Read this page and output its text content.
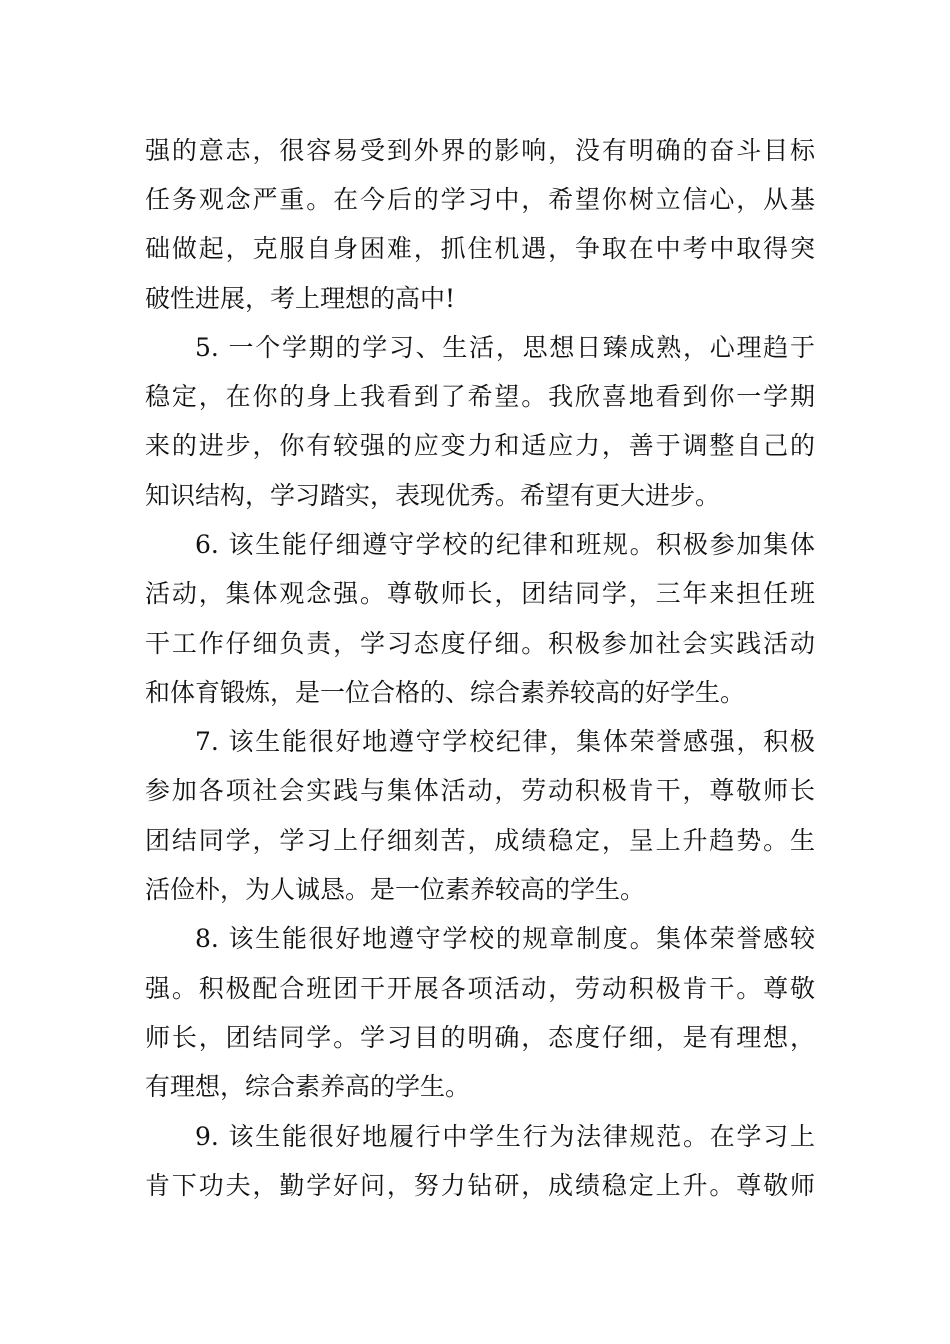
强的意志，很容易受到外界的影响，没有明确的奋斗目标
任务观念严重。在今后的学习中，希望你树立信心，从基
础做起，克服自身困难，抓住机遇，争取在中考中取得突
破性进展，考上理想的高中!
5. 一个学期的学习、生活，思想日臻成熟，心理趋于
稳定，在你的身上我看到了希望。我欣喜地看到你一学期
来的进步，你有较强的应变力和适应力，善于调整自己的
知识结构，学习踏实，表现优秀。希望有更大进步。
6. 该生能仔细遵守学校的纪律和班规。积极参加集体
活动，集体观念强。尊敬师长，团结同学，三年来担任班
干工作仔细负责，学习态度仔细。积极参加社会实践活动
和体育锻炼，是一位合格的、综合素养较高的好学生。
7. 该生能很好地遵守学校纪律，集体荣誉感强，积极
参加各项社会实践与集体活动，劳动积极肯干，尊敬师长
团结同学，学习上仔细刻苦，成绩稳定，呈上升趋势。生
活俭朴，为人诚恳。是一位素养较高的学生。
8. 该生能很好地遵守学校的规章制度。集体荣誉感较
强。积极配合班团干开展各项活动，劳动积极肯干。尊敬
师长，团结同学。学习目的明确，态度仔细，是有理想，
有理想，综合素养高的学生。
9. 该生能很好地履行中学生行为法律规范。在学习上
肯下功夫，勤学好问，努力钻研，成绩稳定上升。尊敬师
